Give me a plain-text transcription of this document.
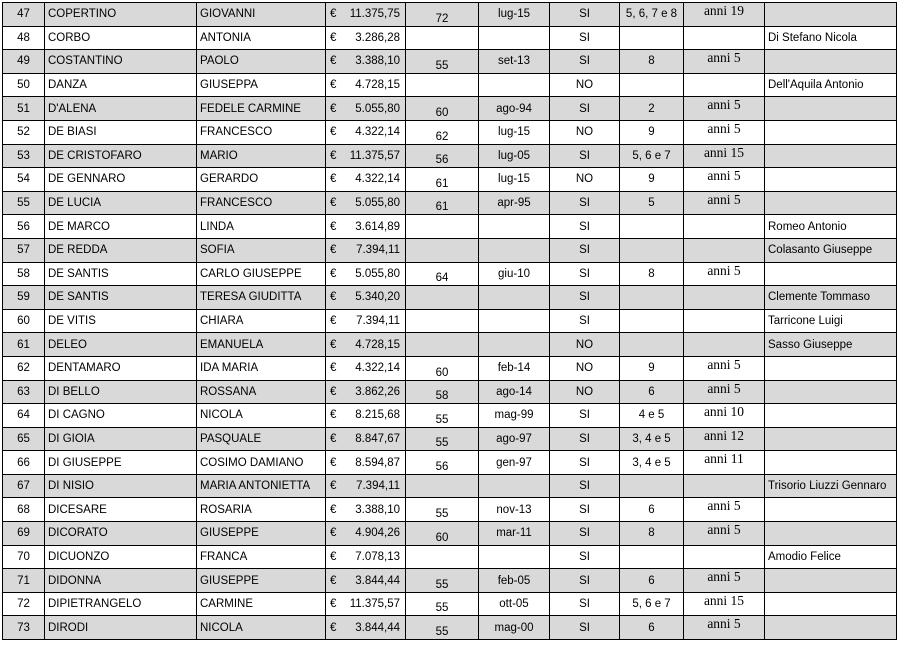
47	COPERTINO	GIOVANNI	€ 11.375,75	72	lug-15	SI	5, 6, 7 e 8	anni 19	
48	CORBO	ANTONIA	€ 3.286,28			SI			Di Stefano Nicola
49	COSTANTINO	PAOLO	€ 3.388,10	55	set-13	SI	8	anni 5	
50	DANZA	GIUSEPPA	€ 4.728,15			NO			Dell'Aquila Antonio
51	D'ALENA	FEDELE CARMINE	€ 5.055,80	60	ago-94	SI	2	anni 5	
52	DE BIASI	FRANCESCO	€ 4.322,14	62	lug-15	NO	9	anni 5	
53	DE CRISTOFARO	MARIO	€ 11.375,57	56	lug-05	SI	5, 6 e 7	anni 15	
54	DE GENNARO	GERARDO	€ 4.322,14	61	lug-15	NO	9	anni 5	
55	DE LUCIA	FRANCESCO	€ 5.055,80	61	apr-95	SI	5	anni 5	
56	DE MARCO	LINDA	€ 3.614,89			SI			Romeo Antonio
57	DE REDDA	SOFIA	€ 7.394,11			SI			Colasanto Giuseppe
58	DE SANTIS	CARLO GIUSEPPE	€ 5.055,80	64	giu-10	SI	8	anni 5	
59	DE SANTIS	TERESA GIUDITTA	€ 5.340,20			SI			Clemente Tommaso
60	DE VITIS	CHIARA	€ 7.394,11			SI			Tarricone Luigi
61	DELEO	EMANUELA	€ 4.728,15			NO			Sasso Giuseppe
62	DENTAMARO	IDA MARIA	€ 4.322,14	60	feb-14	NO	9	anni 5	
63	DI BELLO	ROSSANA	€ 3.862,26	58	ago-14	NO	6	anni 5	
64	DI CAGNO	NICOLA	€ 8.215,68	55	mag-99	SI	4 e 5	anni 10	
65	DI GIOIA	PASQUALE	€ 8.847,67	55	ago-97	SI	3, 4 e 5	anni 12	
66	DI GIUSEPPE	COSIMO DAMIANO	€ 8.594,87	56	gen-97	SI	3, 4 e 5	anni 11	
67	DI NISIO	MARIA ANTONIETTA	€ 7.394,11			SI			Trisorio Liuzzi Gennaro
68	DICESARE	ROSARIA	€ 3.388,10	55	nov-13	SI	6	anni 5	
69	DICORATO	GIUSEPPE	€ 4.904,26	60	mar-11	SI	8	anni 5	
70	DICUONZO	FRANCA	€ 7.078,13			SI			Amodio Felice
71	DIDONNA	GIUSEPPE	€ 3.844,44	55	feb-05	SI	6	anni 5	
72	DIPIETRANGELO	CARMINE	€ 11.375,57	55	ott-05	SI	5, 6 e 7	anni 15	
73	DIRODI	NICOLA	€ 3.844,44	55	mag-00	SI	6	anni 5	
